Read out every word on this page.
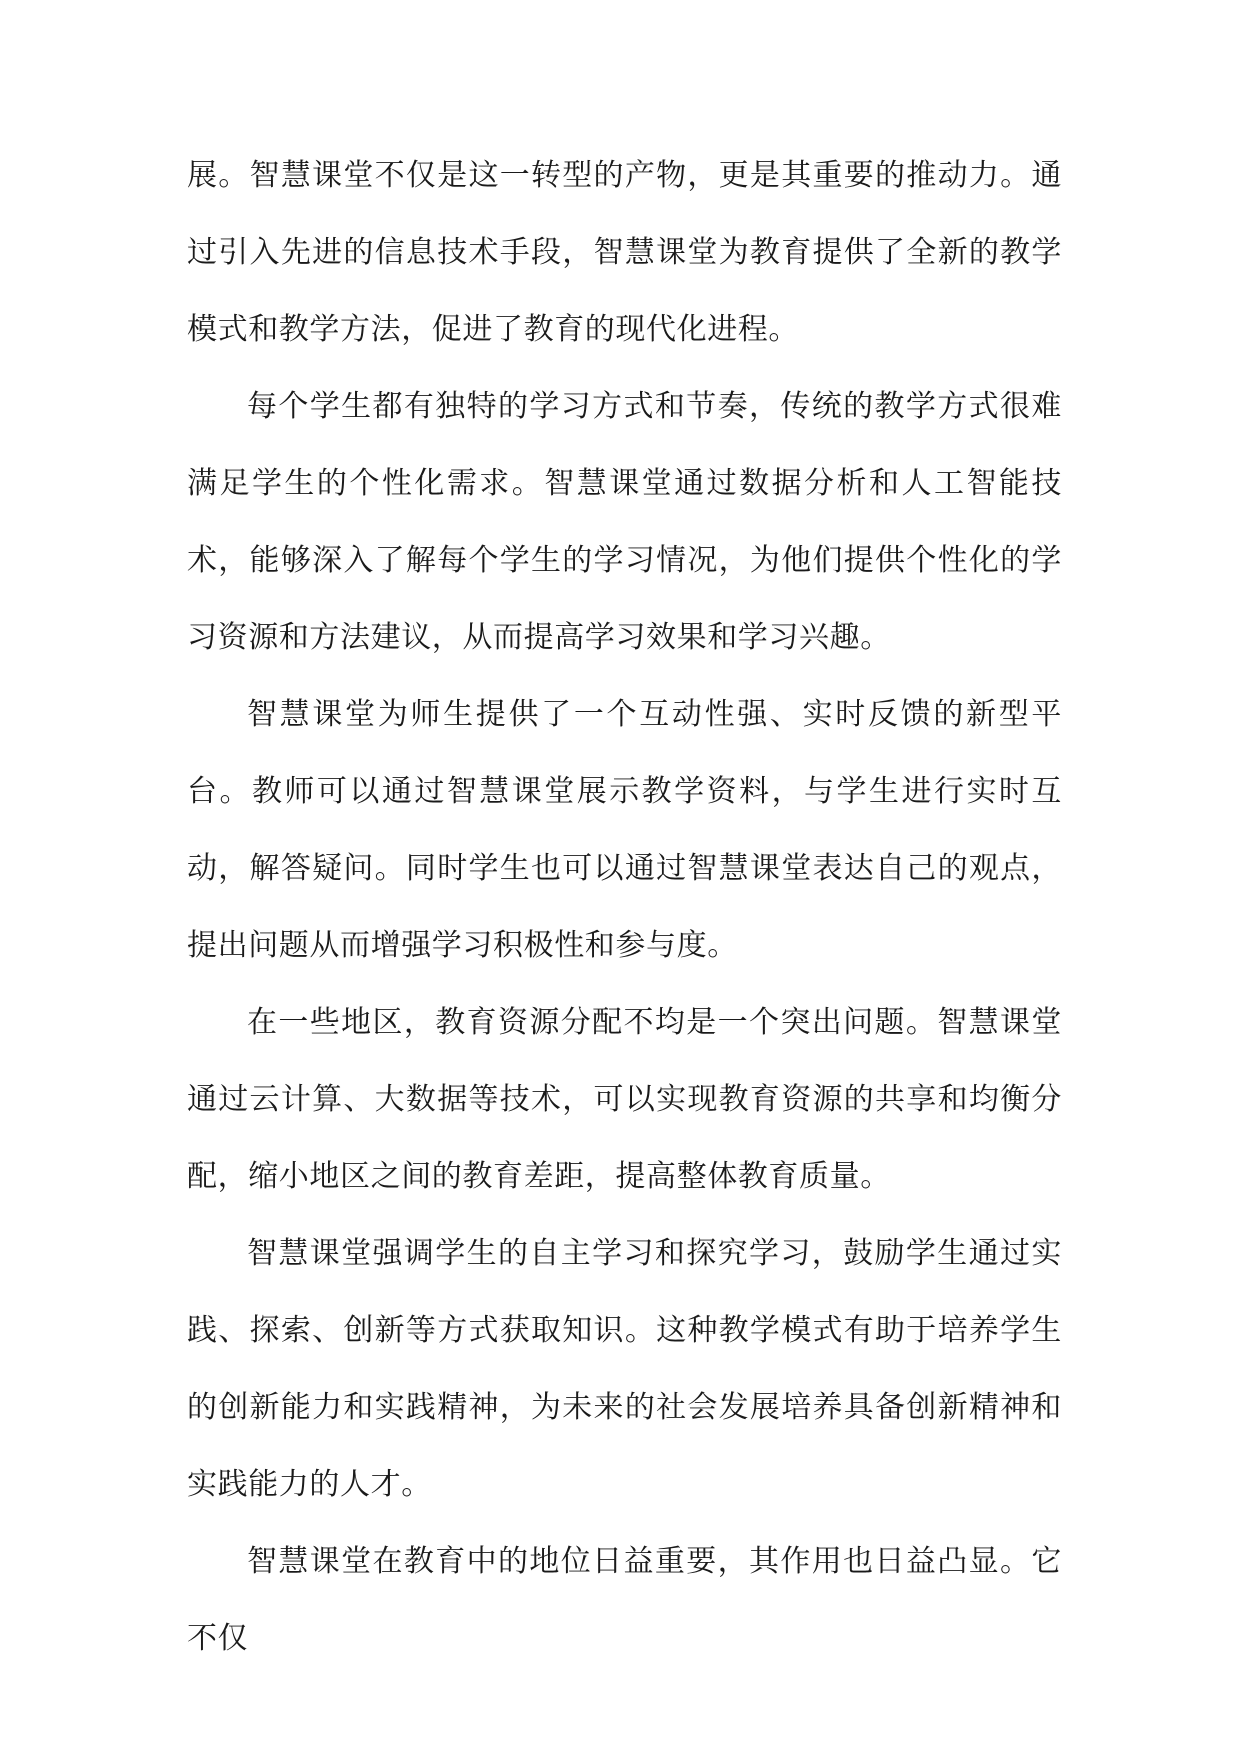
展。智慧课堂不仅是这一转型的产物，更是其重要的推动力。通过引入先进的信息技术手段，智慧课堂为教育提供了全新的教学模式和教学方法，促进了教育的现代化进程。

每个学生都有独特的学习方式和节奏，传统的教学方式很难满足学生的个性化需求。智慧课堂通过数据分析和人工智能技术，能够深入了解每个学生的学习情况，为他们提供个性化的学习资源和方法建议，从而提高学习效果和学习兴趣。

智慧课堂为师生提供了一个互动性强、实时反馈的新型平台。教师可以通过智慧课堂展示教学资料，与学生进行实时互动，解答疑问。同时学生也可以通过智慧课堂表达自己的观点，提出问题从而增强学习积极性和参与度。

在一些地区，教育资源分配不均是一个突出问题。智慧课堂通过云计算、大数据等技术，可以实现教育资源的共享和均衡分配，缩小地区之间的教育差距，提高整体教育质量。

智慧课堂强调学生的自主学习和探究学习，鼓励学生通过实践、探索、创新等方式获取知识。这种教学模式有助于培养学生的创新能力和实践精神，为未来的社会发展培养具备创新精神和实践能力的人才。

智慧课堂在教育中的地位日益重要，其作用也日益凸显。它不仅
